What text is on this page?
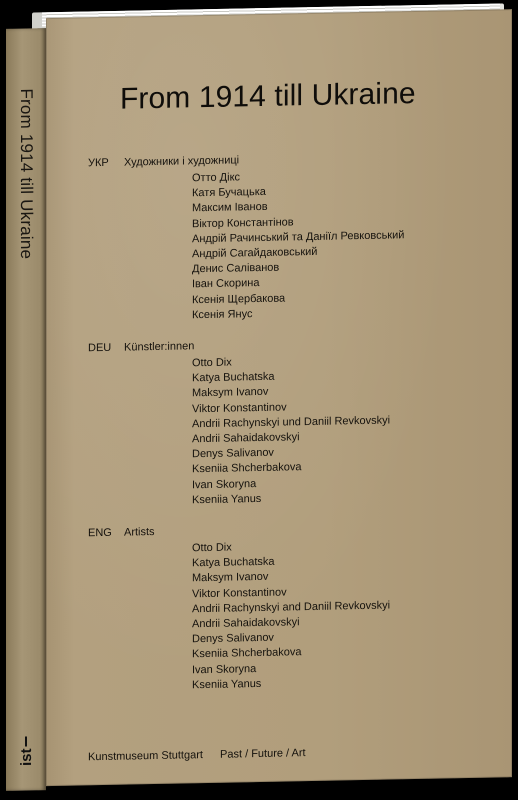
From 1914 till Ukraine
ist
From 1914 till Ukraine
УКР Художники і художниці
Отто Дікс
Катя Бучацька
Максим Іванов
Віктор Константінов
Андрій Рачинський та Даніїл Ревковський
Андрій Сагайдаковський
Денис Салiванов
Іван Скорина
Ксенія Щербакова
Ксенія Янус
DEU Künstler:innen
Otto Dix
Katya Buchatska
Maksym Ivanov
Viktor Konstantinov
Andrii Rachynskyi und Daniil Revkovskyi
Andrii Sahaidakovskyi
Denys Salivanov
Kseniia Shcherbakova
Ivan Skoryna
Kseniia Yanus
ENG Artists
Otto Dix
Katya Buchatska
Maksym Ivanov
Viktor Konstantinov
Andrii Rachynskyi and Daniil Revkovskyi
Andrii Sahaidakovskyi
Denys Salivanov
Kseniia Shcherbakova
Ivan Skoryna
Kseniia Yanus
Kunstmuseum Stuttgart Past / Future / Art
